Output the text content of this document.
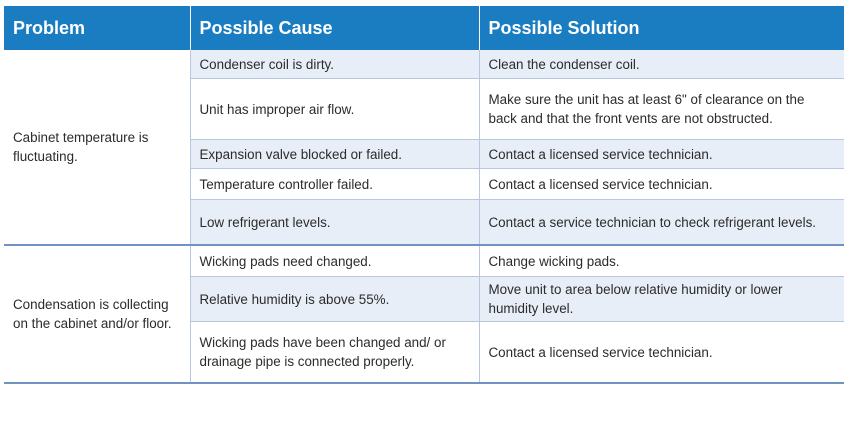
Problem	Possible Cause	Possible Solution
Cabinet temperature is fluctuating.	Condenser coil is dirty.	Clean the condenser coil.
	Unit has improper air flow.	Make sure the unit has at least 6" of clearance on the back and that the front vents are not obstructed.
	Expansion valve blocked or failed.	Contact a licensed service technician.
	Temperature controller failed.	Contact a licensed service technician.
	Low refrigerant levels.	Contact a service technician to check refrigerant levels.
Condensation is collecting on the cabinet and/or floor.	Wicking pads need changed.	Change wicking pads.
	Relative humidity is above 55%.	Move unit to area below relative humidity or lower humidity level.
	Wicking pads have been changed and/ or drainage pipe is connected properly.	Contact a licensed service technician.
